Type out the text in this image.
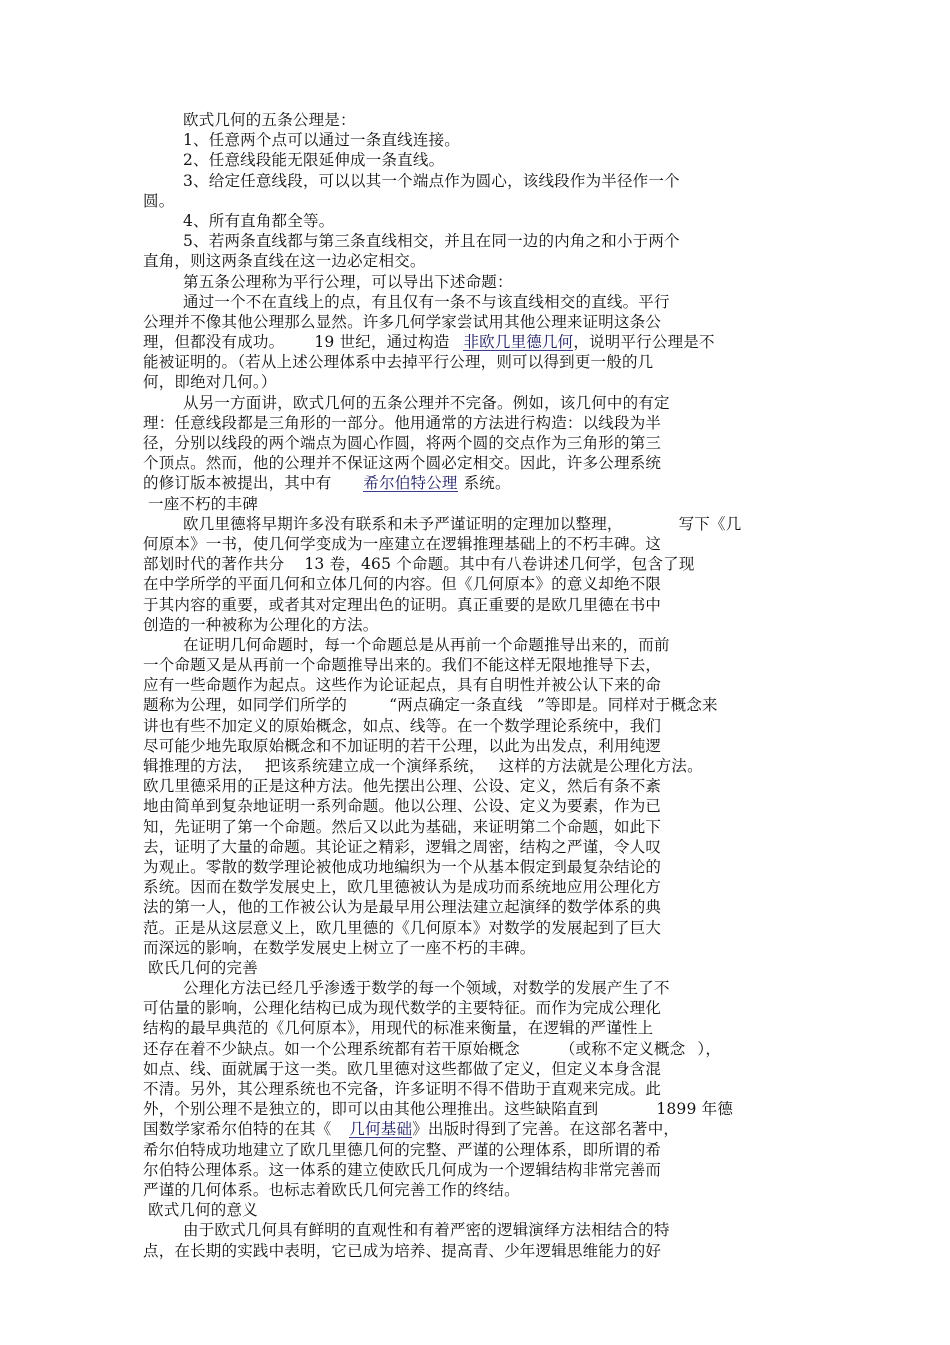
欧式几何的五条公理是：
1、任意两个点可以通过一条直线连接。
2、任意线段能无限延伸成一条直线。
3、给定任意线段，可以以其一个端点作为圆心，该线段作为半径作一个
圆。
4、所有直角都全等。
5、若两条直线都与第三条直线相交，并且在同一边的内角之和小于两个
直角，则这两条直线在这一边必定相交。
第五条公理称为平行公理，可以导出下述命题：
通过一个不在直线上的点，有且仅有一条不与该直线相交的直线。平行
公理并不像其他公理那么显然。许多几何学家尝试用其他公理来证明这条公
理，但都没有成功。 19 世纪，通过构造 非欧几里德几何，说明平行公理是不
能被证明的。（若从上述公理体系中去掉平行公理，则可以得到更一般的几
何，即绝对几何。）
从另一方面讲，欧式几何的五条公理并不完备。例如，该几何中的有定
理：任意线段都是三角形的一部分。他用通常的方法进行构造：以线段为半
径，分别以线段的两个端点为圆心作圆，将两个圆的交点作为三角形的第三
个顶点。然而，他的公理并不保证这两个圆必定相交。因此，许多公理系统
的修订版本被提出，其中有 希尔伯特公理 系统。
一座不朽的丰碑
欧几里德将早期许多没有联系和未予严谨证明的定理加以整理，	写下《几
何原本》一书，使几何学变成为一座建立在逻辑推理基础上的不朽丰碑。这
部划时代的著作共分 13 卷，465 个命题。其中有八卷讲述几何学，包含了现
在中学所学的平面几何和立体几何的内容。但《几何原本》的意义却绝不限
于其内容的重要，或者其对定理出色的证明。真正重要的是欧几里德在书中
创造的一种被称为公理化的方法。
在证明几何命题时，每一个命题总是从再前一个命题推导出来的，而前
一个命题又是从再前一个命题推导出来的。我们不能这样无限地推导下去，
应有一些命题作为起点。这些作为论证起点，具有自明性并被公认下来的命
题称为公理，如同学们所学的	“两点确定一条直线 ”等即是。同样对于概念来
讲也有些不加定义的原始概念，如点、线等。在一个数学理论系统中，我们
尽可能少地先取原始概念和不加证明的若干公理，以此为出发点，利用纯逻
辑推理的方法， 把该系统建立成一个演绎系统， 这样的方法就是公理化方法。
欧几里德采用的正是这种方法。他先摆出公理、公设、定义，然后有条不紊
地由简单到复杂地证明一系列命题。他以公理、公设、定义为要素，作为已
知，先证明了第一个命题。然后又以此为基础，来证明第二个命题，如此下
去，证明了大量的命题。其论证之精彩，逻辑之周密，结构之严谨，令人叹
为观止。零散的数学理论被他成功地编织为一个从基本假定到最复杂结论的
系统。因而在数学发展史上，欧几里德被认为是成功而系统地应用公理化方
法的第一人，他的工作被公认为是最早用公理法建立起演绎的数学体系的典
范。正是从这层意义上，欧几里德的《几何原本》对数学的发展起到了巨大
而深远的影响，在数学发展史上树立了一座不朽的丰碑。
欧氏几何的完善
公理化方法已经几乎渗透于数学的每一个领域，对数学的发展产生了不
可估量的影响，公理化结构已成为现代数学的主要特征。而作为完成公理化
结构的最早典范的《几何原本》，用现代的标准来衡量，在逻辑的严谨性上
还存在着不少缺点。如一个公理系统都有若干原始概念	（或称不定义概念 ），
如点、线、面就属于这一类。欧几里德对这些都做了定义，但定义本身含混
不清。另外，其公理系统也不完备，许多证明不得不借助于直观来完成。此
外，个别公理不是独立的，即可以由其他公理推出。这些缺陷直到	1899 年德
国数学家希尔伯特的在其《 几何基础》出版时得到了完善。在这部名著中，
希尔伯特成功地建立了欧几里德几何的完整、严谨的公理体系，即所谓的希
尔伯特公理体系。这一体系的建立使欧氏几何成为一个逻辑结构非常完善而
严谨的几何体系。也标志着欧氏几何完善工作的终结。
欧式几何的意义
由于欧式几何具有鲜明的直观性和有着严密的逻辑演绎方法相结合的特
点，在长期的实践中表明，它已成为培养、提高青、少年逻辑思维能力的好
